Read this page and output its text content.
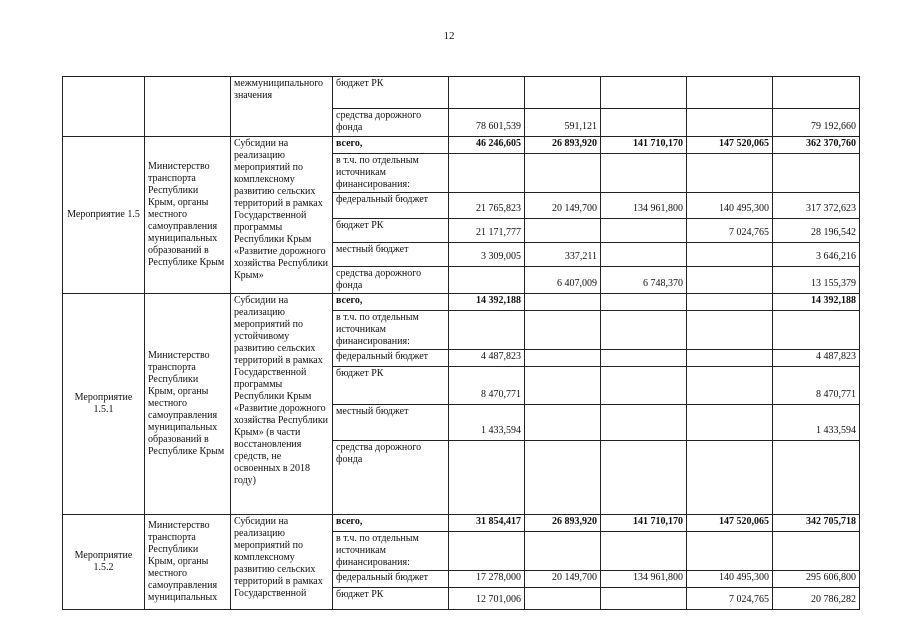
12
		межмуниципального значения	бюджет РК					
			средства дорожного фонда	78 601,539	591,121			79 192,660
Мероприятие 1.5	Министерство транспорта Республики Крым, органы местного самоуправления муниципальных образований в Республике Крым	Субсидии на реализацию мероприятий по комплексному развитию сельских территорий в рамках Государственной программы Республики Крым «Развитие дорожного хозяйства Республики Крым»	всего,	46 246,605	26 893,920	141 710,170	147 520,065	362 370,760
			в т.ч. по отдельным источникам финансирования:					
			федеральный бюджет	21 765,823	20 149,700	134 961,800	140 495,300	317 372,623
			бюджет РК	21 171,777			7 024,765	28 196,542
			местный бюджет	3 309,005	337,211			3 646,216
			средства дорожного фонда		6 407,009	6 748,370		13 155,379
Мероприятие 1.5.1	Министерство транспорта Республики Крым, органы местного самоуправления муниципальных образований в Республике Крым	Субсидии на реализацию мероприятий по устойчивому развитию сельских территорий в рамках Государственной программы Республики Крым «Развитие дорожного хозяйства Республики Крым» (в части восстановления средств, не освоенных в 2018 году)	всего,	14 392,188				14 392,188
			в т.ч. по отдельным источникам финансирования:					
			федеральный бюджет	4 487,823				4 487,823
			бюджет РК	8 470,771				8 470,771
			местный бюджет	1 433,594				1 433,594
			средства дорожного фонда					
Мероприятие 1.5.2	Министерство транспорта Республики Крым, органы местного самоуправления муниципальных	Субсидии на реализацию мероприятий по комплексному развитию сельских территорий в рамках Государственной	всего,	31 854,417	26 893,920	141 710,170	147 520,065	342 705,718
			в т.ч. по отдельным источникам финансирования:					
			федеральный бюджет	17 278,000	20 149,700	134 961,800	140 495,300	295 606,800
			бюджет РК	12 701,006			7 024,765	20 786,282
